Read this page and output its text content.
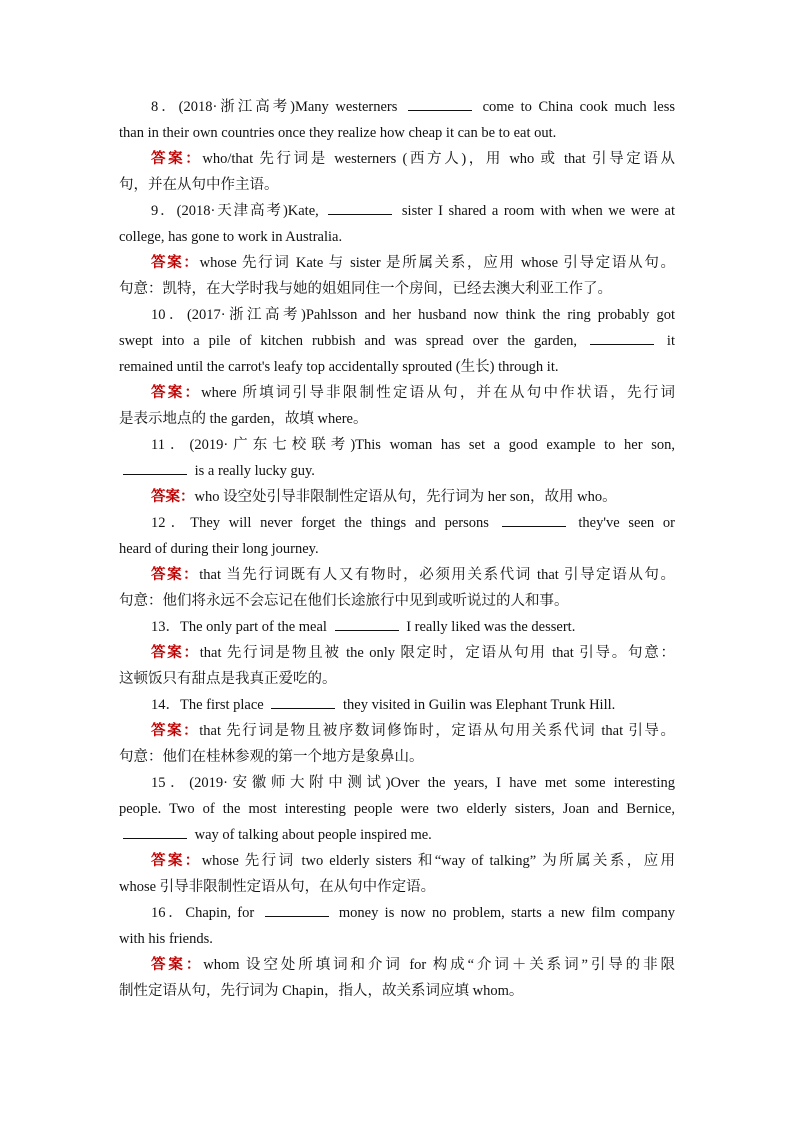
8．(2018·浙江高考)Many westerners	come to China cook much less
than in their own countries once they realize how cheap it can be to eat out.
答案：who/that 先行词是 westerners (西方人)，用 who 或 that 引导定语从
句，并在从句中作主语。
9．(2018·天津高考)Kate,	sister I shared a room with when we were at
college, has gone to work in Australia.
答案：whose 先行词 Kate 与 sister 是所属关系，应用 whose 引导定语从句。
句意：凯特，在大学时我与她的姐姐同住一个房间，已经去澳大利亚工作了。
10．(2017·浙江高考)Pahlsson and her husband now think the ring probably got
swept into a pile of kitchen rubbish and was spread over the garden,	it
remained until the carrot's leafy top accidentally sprouted (生长) through it.
答案：where 所填词引导非限制性定语从句，并在从句中作状语，先行词
是表示地点的 the garden，故填 where。
11．(2019·广东七校联考)This woman has set a good example to her son,
is a really lucky guy.
答案：who 设空处引导非限制性定语从句，先行词为 her son，故用 who。
12．They will never forget the things and persons	they've seen or
heard of during their long journey.
答案：that 当先行词既有人又有物时，必须用关系代词 that 引导定语从句。
句意：他们将永远不会忘记在他们长途旅行中见到或听说过的人和事。
13．The only part of the meal	I really liked was the dessert.
答案：that 先行词是物且被 the only 限定时，定语从句用 that 引导。句意：
这顿饭只有甜点是我真正爱吃的。
14．The first place	they visited in Guilin was Elephant Trunk Hill.
答案：that 先行词是物且被序数词修饰时，定语从句用关系代词 that 引导。
句意：他们在桂林参观的第一个地方是象鼻山。
15．(2019·安徽师大附中测试)Over the years, I have met some interesting
people. Two of the most interesting people were two elderly sisters, Joan and Bernice,
way of talking about people inspired me.
答案：whose 先行词 two elderly sisters 和“way of talking” 为所属关系，应用
whose 引导非限制性定语从句，在从句中作定语。
16．Chapin, for	money is now no problem, starts a new film company
with his friends.
答案：whom 设空处所填词和介词 for 构成“介词＋关系词”引导的非限
制性定语从句，先行词为 Chapin，指人，故关系词应填 whom。
